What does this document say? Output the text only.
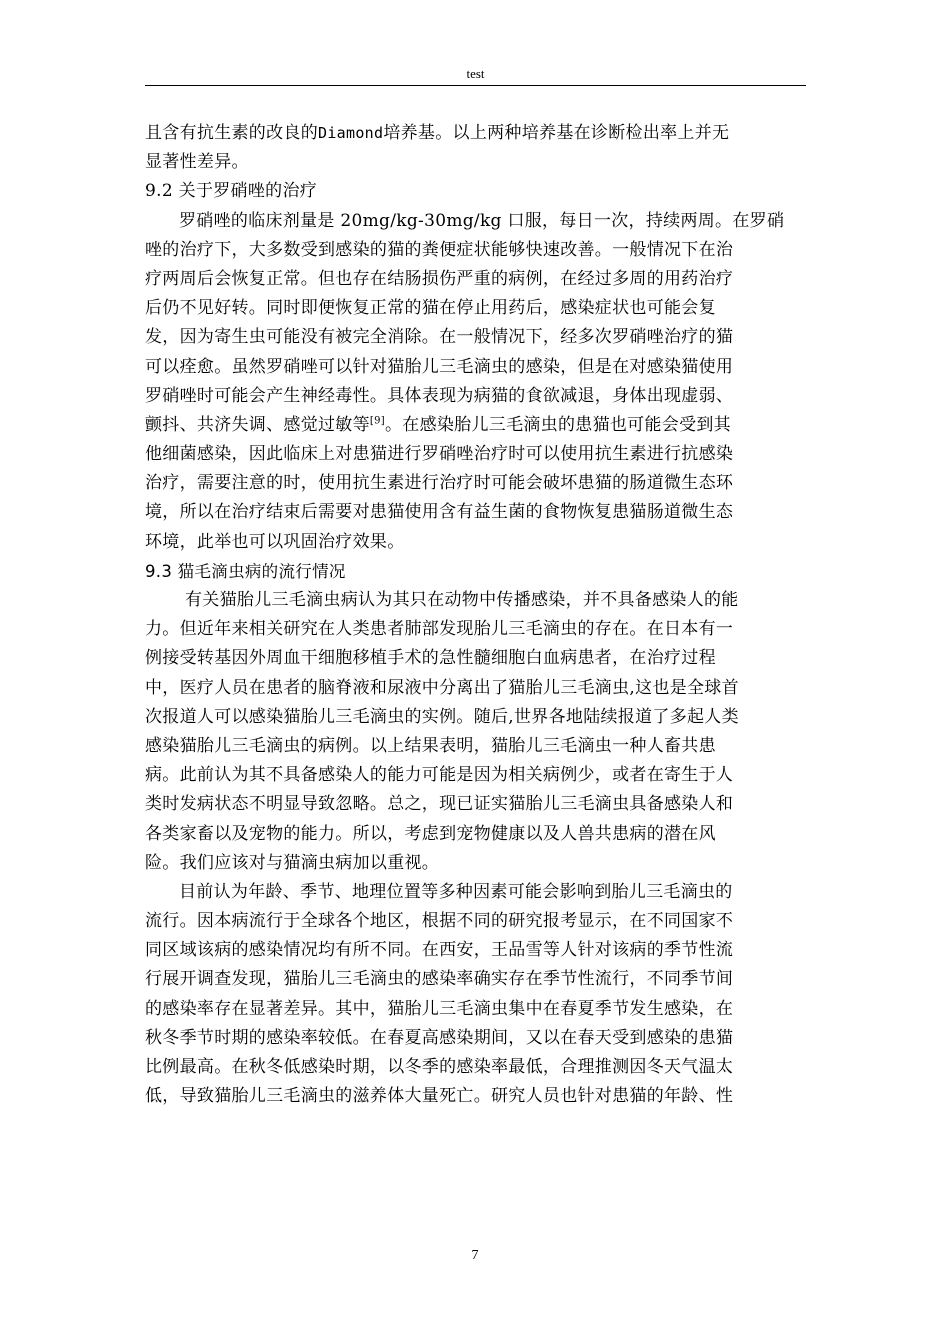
test
且含有抗生素的改良的Diamond培养基。以上两种培养基在诊断检出率上并无
显著性差异。
9.2 关于罗硝唑的治疗
罗硝唑的临床剂量是 20mg/kg-30mg/kg 口服，每日一次，持续两周。在罗硝
唑的治疗下，大多数受到感染的猫的粪便症状能够快速改善。一般情况下在治
疗两周后会恢复正常。但也存在结肠损伤严重的病例，在经过多周的用药治疗
后仍不见好转。同时即便恢复正常的猫在停止用药后，感染症状也可能会复
发，因为寄生虫可能没有被完全消除。在一般情况下，经多次罗硝唑治疗的猫
可以痊愈。虽然罗硝唑可以针对猫胎儿三毛滴虫的感染，但是在对感染猫使用
罗硝唑时可能会产生神经毒性。具体表现为病猫的食欲减退，身体出现虚弱、
颤抖、共济失调、感觉过敏等[9]。在感染胎儿三毛滴虫的患猫也可能会受到其
他细菌感染，因此临床上对患猫进行罗硝唑治疗时可以使用抗生素进行抗感染
治疗，需要注意的时，使用抗生素进行治疗时可能会破坏患猫的肠道微生态环
境，所以在治疗结束后需要对患猫使用含有益生菌的食物恢复患猫肠道微生态
环境，此举也可以巩固治疗效果。
9.3 猫毛滴虫病的流行情况
有关猫胎儿三毛滴虫病认为其只在动物中传播感染，并不具备感染人的能
力。但近年来相关研究在人类患者肺部发现胎儿三毛滴虫的存在。在日本有一
例接受转基因外周血干细胞移植手术的急性髓细胞白血病患者，在治疗过程
中，医疗人员在患者的脑脊液和尿液中分离出了猫胎儿三毛滴虫,这也是全球首
次报道人可以感染猫胎儿三毛滴虫的实例。随后,世界各地陆续报道了多起人类
感染猫胎儿三毛滴虫的病例。以上结果表明，猫胎儿三毛滴虫一种人畜共患
病。此前认为其不具备感染人的能力可能是因为相关病例少，或者在寄生于人
类时发病状态不明显导致忽略。总之，现已证实猫胎儿三毛滴虫具备感染人和
各类家畜以及宠物的能力。所以，考虑到宠物健康以及人兽共患病的潜在风
险。我们应该对与猫滴虫病加以重视。
目前认为年龄、季节、地理位置等多种因素可能会影响到胎儿三毛滴虫的
流行。因本病流行于全球各个地区，根据不同的研究报考显示，在不同国家不
同区域该病的感染情况均有所不同。在西安，王品雪等人针对该病的季节性流
行展开调查发现，猫胎儿三毛滴虫的感染率确实存在季节性流行，不同季节间
的感染率存在显著差异。其中，猫胎儿三毛滴虫集中在春夏季节发生感染，在
秋冬季节时期的感染率较低。在春夏高感染期间，又以在春天受到感染的患猫
比例最高。在秋冬低感染时期，以冬季的感染率最低，合理推测因冬天气温太
低，导致猫胎儿三毛滴虫的滋养体大量死亡。研究人员也针对患猫的年龄、性
7
